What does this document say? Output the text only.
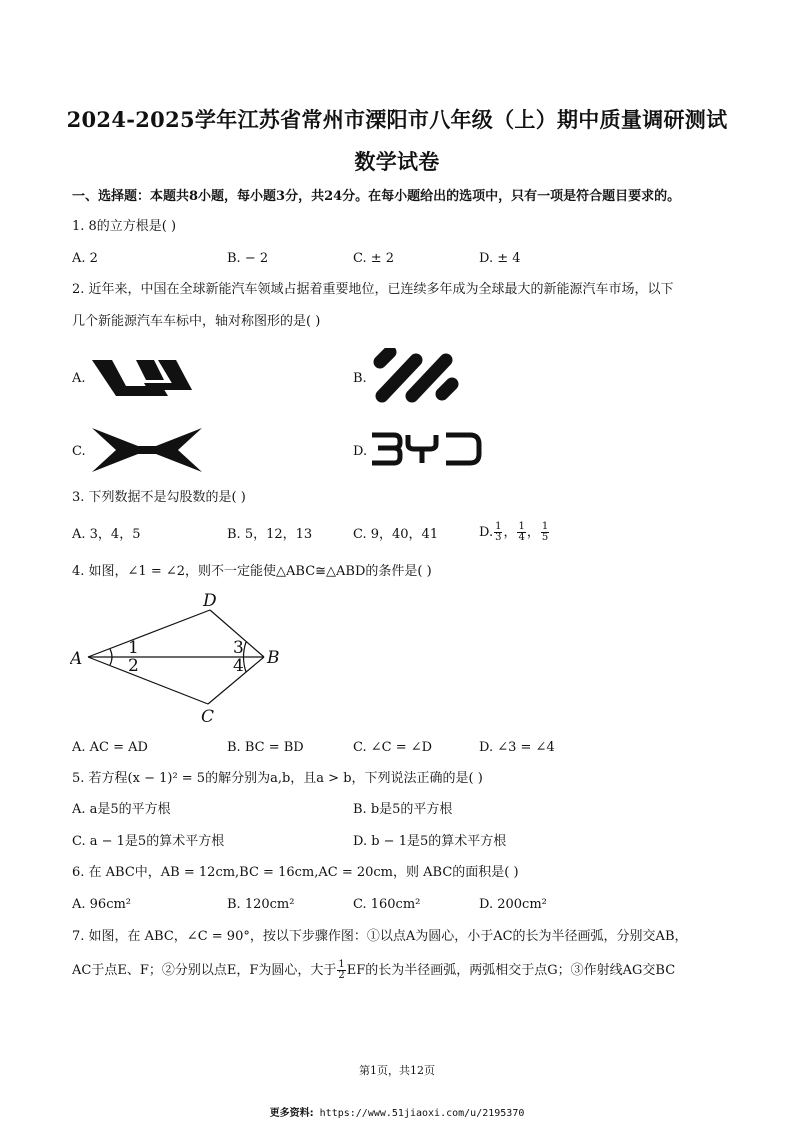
2024-2025学年江苏省常州市溧阳市八年级（上）期中质量调研测试
数学试卷
一、选择题：本题共8小题，每小题3分，共24分。在每小题给出的选项中，只有一项是符合题目要求的。
1. 8的立方根是( )
A. 2	B. − 2	C. ± 2	D. ± 4
2. 近年来，中国在全球新能汽车领域占据着重要地位，已连续多年成为全球最大的新能源汽车市场，以下
几个新能源汽车车标中，轴对称图形的是( )
A.	B.
C.	D.
3. 下列数据不是勾股数的是( )
A. 3，4，5	B. 5，12，13	C. 9，40，41	D. $\frac{1}{3}$ ， $\frac{1}{4}$ ， $\frac{1}{5}$
4. 如图，∠1 = ∠2，则不一定能使△ABC≅△ABD的条件是( )
A	B
C
D
1
2
3
4
A. AC = AD	B. BC = BD	C. ∠C = ∠D	D. ∠3 = ∠4
5. 若方程(x − 1)² = 5的解分别为a,b，且a > b，下列说法正确的是( )
A. a是5的平方根	B. b是5的平方根
C. a − 1是5的算术平方根	D. b − 1是5的算术平方根
6. 在 ABC中，AB = 12cm,BC = 16cm,AC = 20cm，则 ABC的面积是( )
A. 96cm²	B. 120cm²	C. 160cm²	D. 200cm²
7. 如图，在 ABC，∠C = 90°，按以下步骤作图：①以点A为圆心，小于AC的长为半径画弧，分别交AB，
AC于点E、F；②分别以点E，F为圆心，大于 $\frac{1}{2}$ EF的长为半径画弧，两弧相交于点G；③作射线AG交BC
第1页，共12页
更多资料: https://www.51jiaoxi.com/u/2195370
